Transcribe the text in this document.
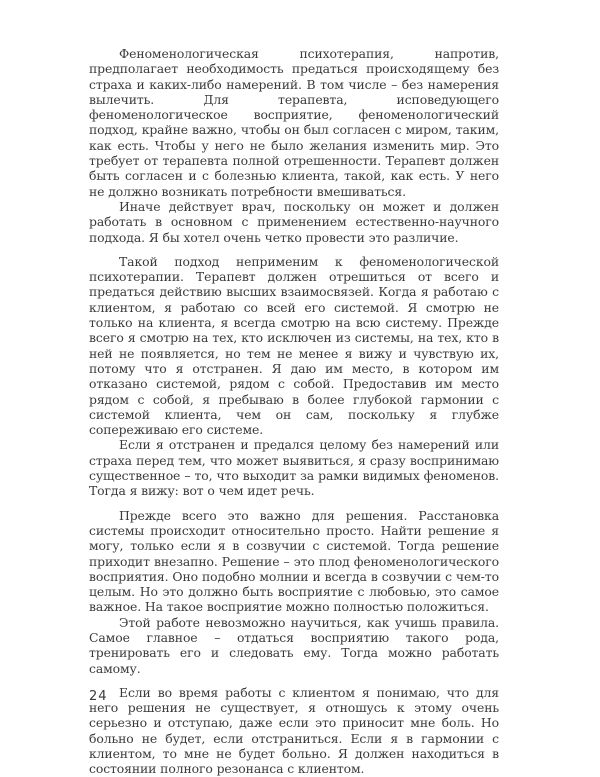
Феноменологическая психотерапия, напротив, предполагает необходимость предаться происходящему без страха и каких-либо намерений. В том числе – без намерения вылечить. Для терапевта, исповедующего феноменологическое восприятие, феноменологический подход, крайне важно, чтобы он был согласен с миром, таким, как есть. Чтобы у него не было желания изменить мир. Это требует от терапевта полной отрешенности. Терапевт должен быть согласен и с болезнью клиента, такой, как есть. У него не должно возникать потребности вмешиваться.

Иначе действует врач, поскольку он может и должен работать в основном с применением естественно-научного подхода. Я бы хотел очень четко провести это различие.

Такой подход неприменим к феноменологической психотерапии. Терапевт должен отрешиться от всего и предаться действию высших взаимосвязей. Когда я работаю с клиентом, я работаю со всей его системой. Я смотрю не только на клиента, я всегда смотрю на всю систему. Прежде всего я смотрю на тех, кто исключен из системы, на тех, кто в ней не появляется, но тем не менее я вижу и чувствую их, потому что я отстранен. Я даю им место, в котором им отказано системой, рядом с собой. Предоставив им место рядом с собой, я пребываю в более глубокой гармонии с системой клиента, чем он сам, поскольку я глубже сопереживаю его системе.

Если я отстранен и предался целому без намерений или страха перед тем, что может выявиться, я сразу воспринимаю существенное – то, что выходит за рамки видимых феноменов. Тогда я вижу: вот о чем идет речь.

Прежде всего это важно для решения. Расстановка системы происходит относительно просто. Найти решение я могу, только если я в созвучии с системой. Тогда решение приходит внезапно. Решение – это плод феноменологического восприятия. Оно подобно молнии и всегда в созвучии с чем-то целым. Но это должно быть восприятие с любовью, это самое важное. На такое восприятие можно полностью положиться.

Этой работе невозможно научиться, как учишь правила. Самое главное – отдаться восприятию такого рода, тренировать его и следовать ему. Тогда можно работать самому.

Если во время работы с клиентом я понимаю, что для него решения не существует, я отношусь к этому очень серьезно и отступаю, даже если это приносит мне боль. Но больно не будет, если отстраниться. Если я в гармонии с клиентом, то мне не будет больно. Я должен находиться в состоянии полного резонанса с клиентом.

24
